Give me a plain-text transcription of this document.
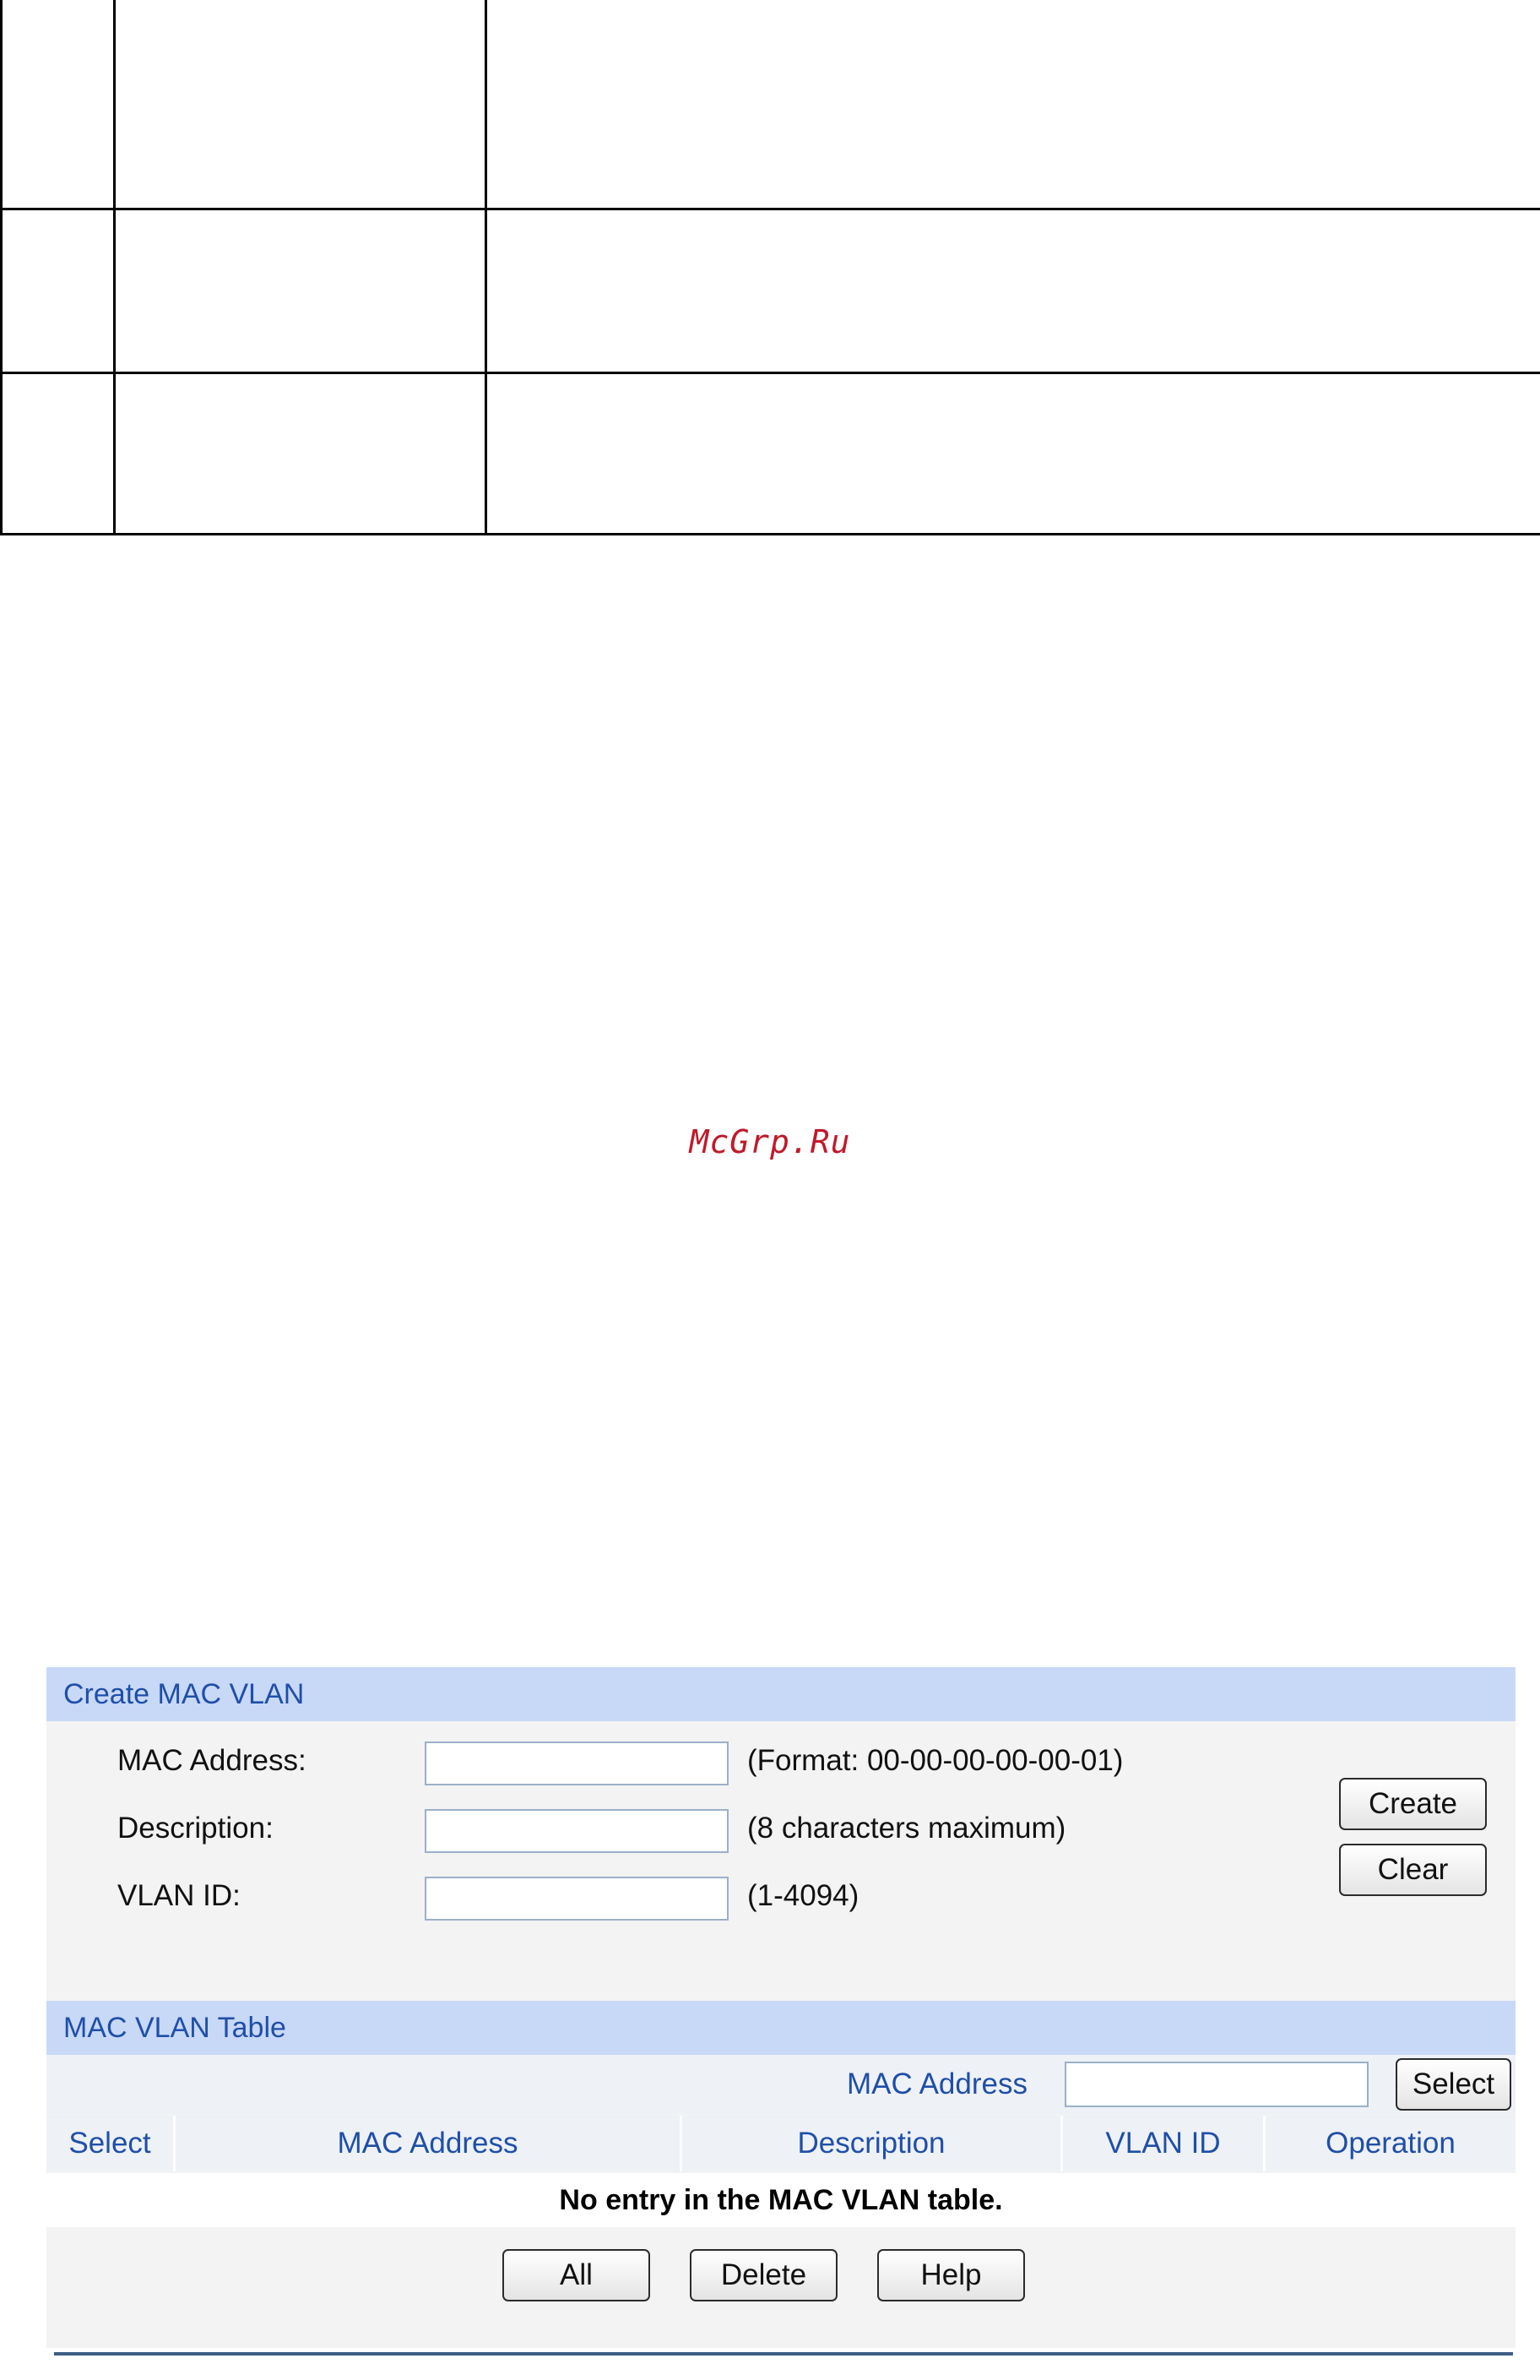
McGrp.Ru
Create MAC VLAN
MAC Address:	(Format: 00-00-00-00-00-01)
Description:	(8 characters maximum)
VLAN ID:	(1-4094)
Create
Clear
MAC VLAN Table
MAC Address	Select
Select	MAC Address	Description	VLAN ID	Operation
No entry in the MAC VLAN table.
All	Delete	Help
